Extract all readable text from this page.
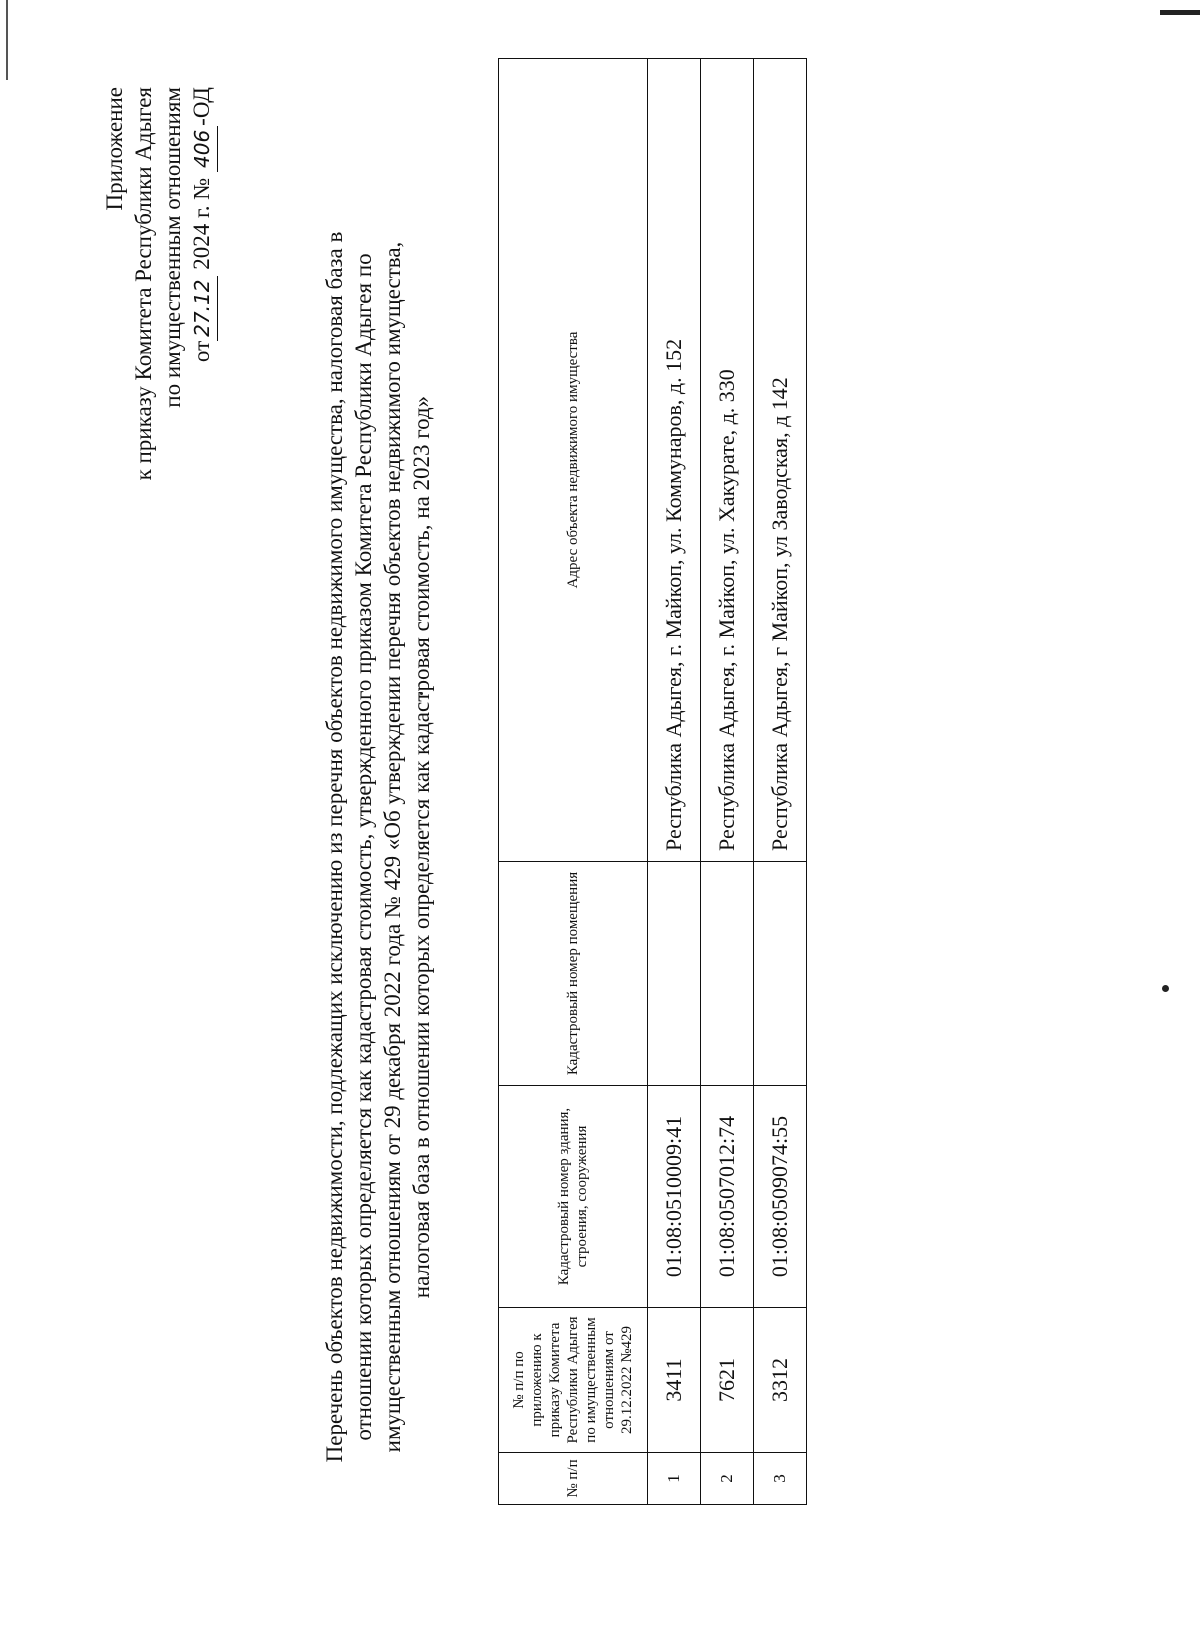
Приложение к приказу Комитета Республики Адыгея по имущественным отношениям от27.12 2024 г. № 406-ОД
Перечень объектов недвижимости, подлежащих исключению из перечня объектов недвижимого имущества, налоговая база в отношении которых определяется как кадастровая стоимость, утвержденного приказом Комитета Республики Адыгея по имущественным отношениям от 29 декабря 2022 года № 429 «Об утверждении перечня объектов недвижимого имущества, налоговая база в отношении которых определяется как кадастровая стоимость, на 2023 год»
№ п/п	№ п/п по приложению к приказу Комитета Республики Адыгея по имущественным отношениям от 29.12.2022 №429	Кадастровый номер здания, строения, сооружения	Кадастровый номер помещения	Адрес объекта недвижимого имущества
1	3411	01:08:0510009:41		Республика Адыгея, г. Майкоп, ул. Коммунаров, д. 152
2	7621	01:08:0507012:74		Республика Адыгея, г. Майкоп, ул. Хакурате, д. 330
3	3312	01:08:0509074:55		Республика Адыгея, г Майкоп, ул Заводская, д 142
